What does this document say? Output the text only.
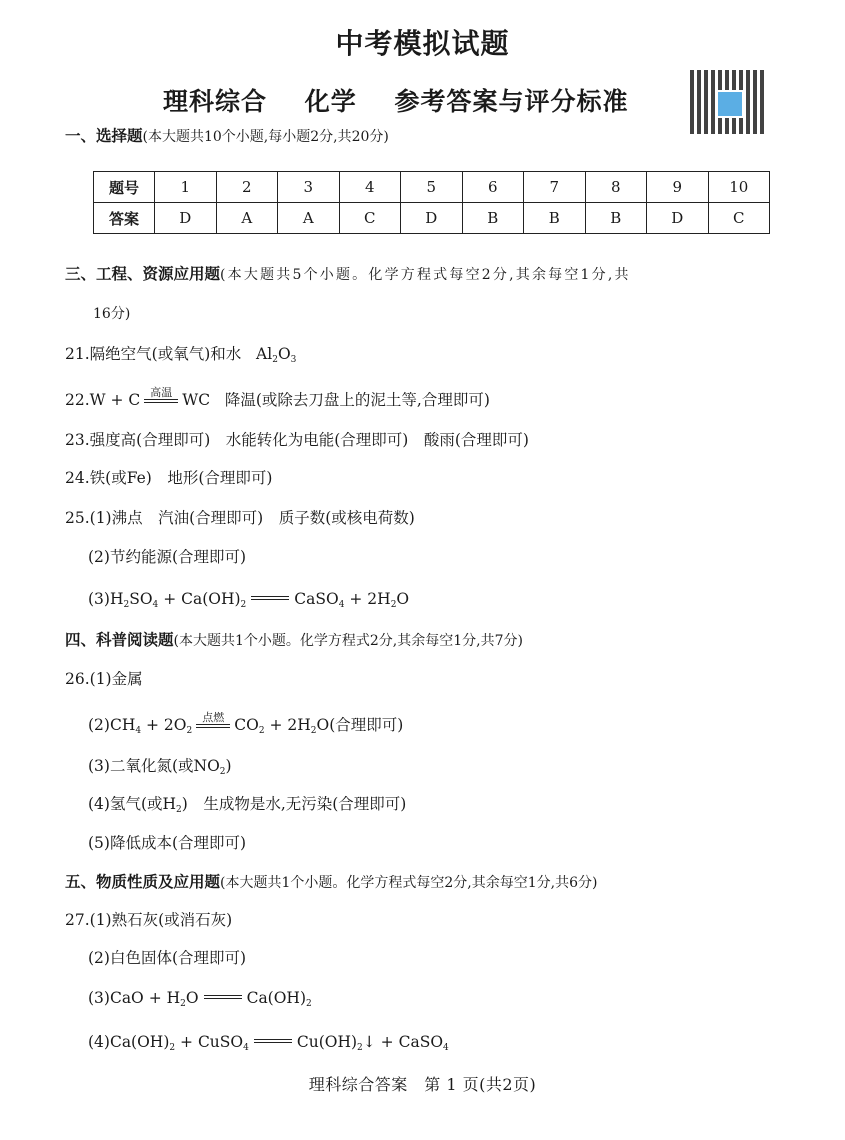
中考模拟试题
理科综合 化学 参考答案与评分标准
一、选择题(本大题共10个小题,每小题2分,共20分)
题号	1	2	3	4	5	6	7	8	9	10
答案	D	A	A	C	D	B	B	B	D	C
三、工程、资源应用题(本大题共5个小题。化学方程式每空2分,其余每空1分,共
16分)
21.隔绝空气(或氧气)和水 $Al_2O_3$
22.W + C 高温 WC 降温(或除去刀盘上的泥土等,合理即可)
23.强度高(合理即可)　水能转化为电能(合理即可)　酸雨(合理即可)
24.铁(或Fe)　地形(合理即可)
25.(1)沸点　汽油(合理即可)　质子数(或核电荷数)
(2)节约能源(合理即可)
$(3)H_2SO_4 + Ca(OH)_2$	CaSO$_4$ + $2H_2O$
四、科普阅读题(本大题共1个小题。化学方程式2分,其余每空1分,共7分)
26.(1)金属
$(2)CH_4 + 2O_2$
点燃 $CO_2 + 2H_2O$(合理即可)
(3)二氧化氮(或$NO_2$)
(4)氢气(或$H_2$)　生成物是水,无污染(合理即可)
(5)降低成本(合理即可)
五、物质性质及应用题(本大题共1个小题。化学方程式每空2分,其余每空1分,共6分)
27.(1)熟石灰(或消石灰)
(2)白色固体(合理即可)
$(3)CaO + H_2O$	$Ca(OH)_2$
$(4)Ca(OH)_2$ + CuSO$_4$	$Cu(OH)_2↓$ + CaSO$_4$
理科综合答案　第 1 页(共2页)
